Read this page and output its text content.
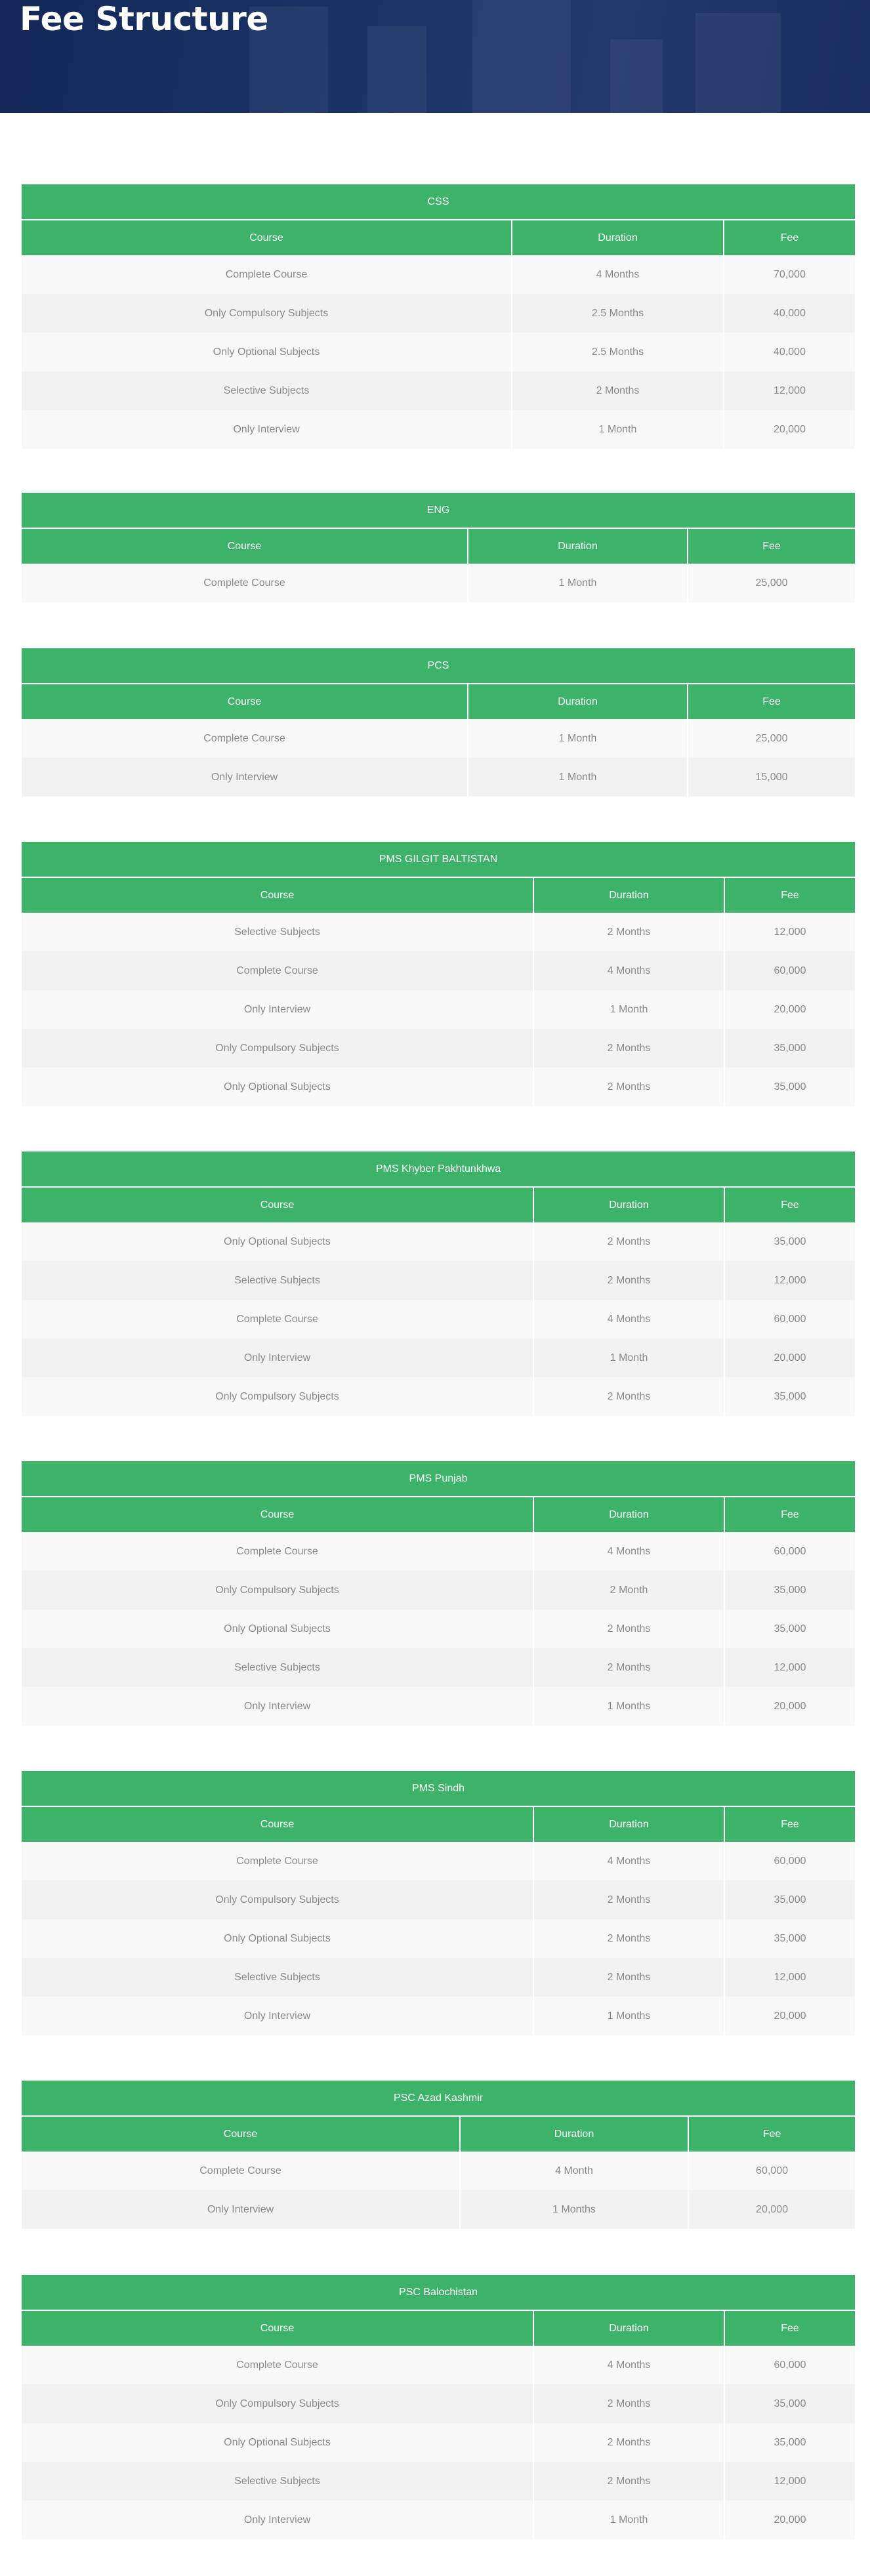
Fee Structure
CSS		
Course	Duration	Fee
Complete Course	4 Months	70,000
Only Compulsory Subjects	2.5 Months	40,000
Only Optional Subjects	2.5 Months	40,000
Selective Subjects	2 Months	12,000
Only Interview	1 Month	20,000
ENG		
Course	Duration	Fee
Complete Course	1 Month	25,000
PCS		
Course	Duration	Fee
Complete Course	1 Month	25,000
Only Interview	1 Month	15,000
PMS GILGIT BALTISTAN		
Course	Duration	Fee
Selective Subjects	2 Months	12,000
Complete Course	4 Months	60,000
Only Interview	1 Month	20,000
Only Compulsory Subjects	2 Months	35,000
Only Optional Subjects	2 Months	35,000
PMS Khyber Pakhtunkhwa		
Course	Duration	Fee
Only Optional Subjects	2 Months	35,000
Selective Subjects	2 Months	12,000
Complete Course	4 Months	60,000
Only Interview	1 Month	20,000
Only Compulsory Subjects	2 Months	35,000
PMS Punjab		
Course	Duration	Fee
Complete Course	4 Months	60,000
Only Compulsory Subjects	2 Month	35,000
Only Optional Subjects	2 Months	35,000
Selective Subjects	2 Months	12,000
Only Interview	1 Months	20,000
PMS Sindh		
Course	Duration	Fee
Complete Course	4 Months	60,000
Only Compulsory Subjects	2 Months	35,000
Only Optional Subjects	2 Months	35,000
Selective Subjects	2 Months	12,000
Only Interview	1 Months	20,000
PSC Azad Kashmir		
Course	Duration	Fee
Complete Course	4 Month	60,000
Only Interview	1 Months	20,000
PSC Balochistan		
Course	Duration	Fee
Complete Course	4 Months	60,000
Only Compulsory Subjects	2 Months	35,000
Only Optional Subjects	2 Months	35,000
Selective Subjects	2 Months	12,000
Only Interview	1 Month	20,000
